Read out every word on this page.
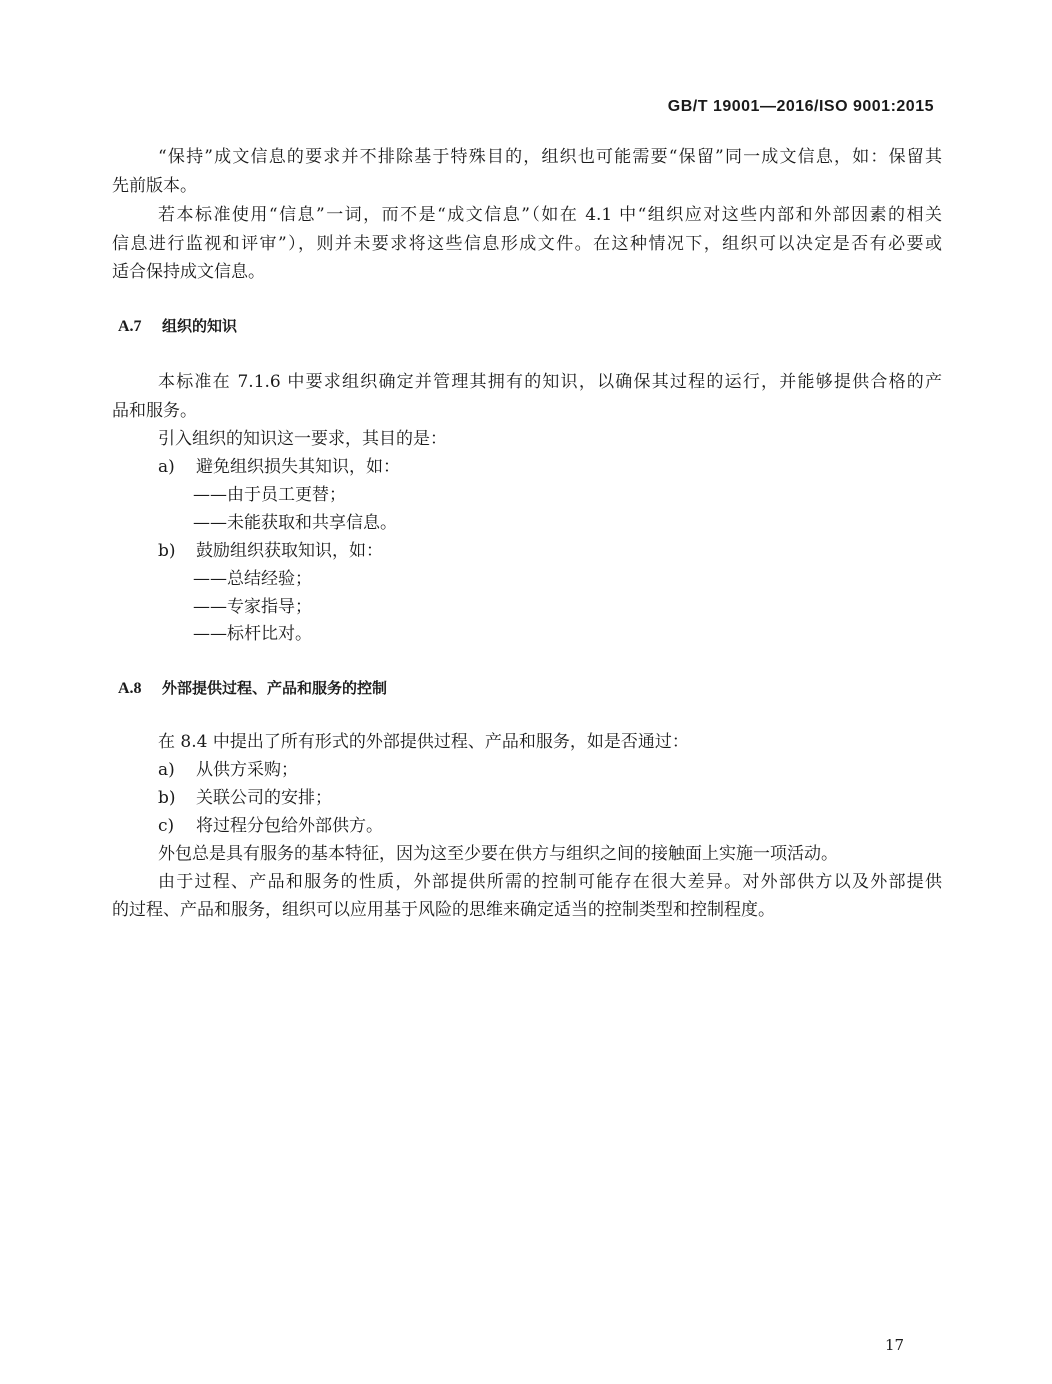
GB/T 19001—2016/ISO 9001:2015
“保持”成文信息的要求并不排除基于特殊目的，组织也可能需要“保留”同一成文信息，如：保留其
先前版本。
若本标准使用“信息”一词，而不是“成文信息”（如在 4.1 中“组织应对这些内部和外部因素的相关
信息进行监视和评审”），则并未要求将这些信息形成文件。在这种情况下，组织可以决定是否有必要或
适合保持成文信息。
A.7 组织的知识
本标准在 7.1.6 中要求组织确定并管理其拥有的知识，以确保其过程的运行，并能够提供合格的产
品和服务。
引入组织的知识这一要求，其目的是：
a) 避免组织损失其知识，如：
——由于员工更替；
——未能获取和共享信息。
b) 鼓励组织获取知识，如：
——总结经验；
——专家指导；
——标杆比对。
A.8 外部提供过程、产品和服务的控制
在 8.4 中提出了所有形式的外部提供过程、产品和服务，如是否通过：
a) 从供方采购；
b) 关联公司的安排；
c) 将过程分包给外部供方。
外包总是具有服务的基本特征，因为这至少要在供方与组织之间的接触面上实施一项活动。
由于过程、产品和服务的性质，外部提供所需的控制可能存在很大差异。对外部供方以及外部提供
的过程、产品和服务，组织可以应用基于风险的思维来确定适当的控制类型和控制程度。
17
